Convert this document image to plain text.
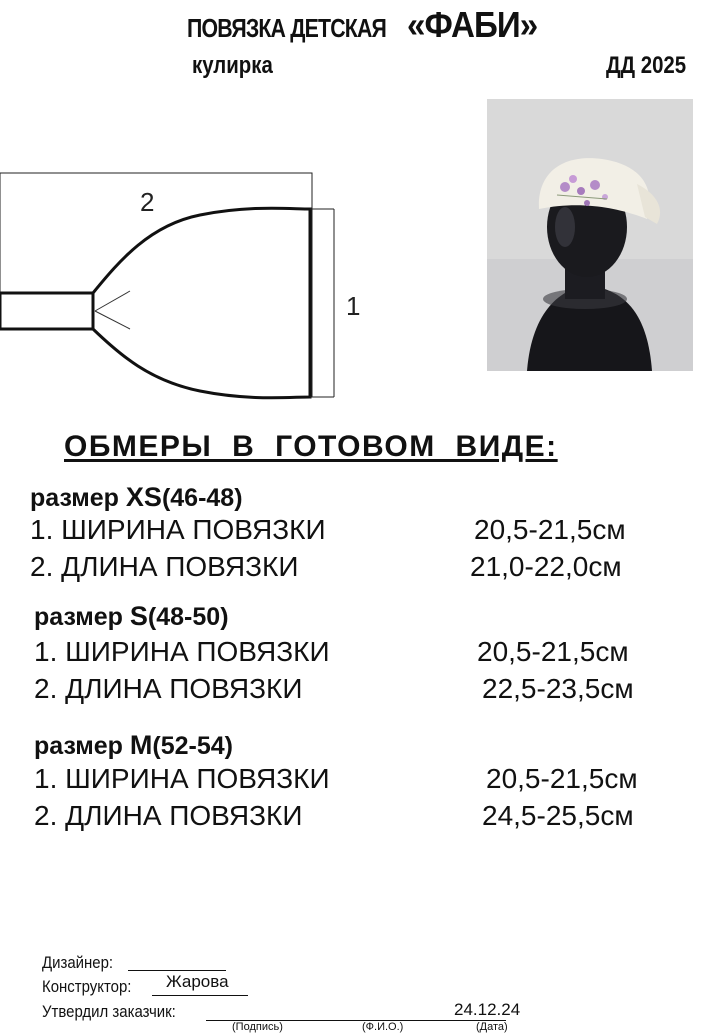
ПОВЯЗКА ДЕТСКАЯ «ФАБИ»
кулирка	ДД 2025
2
1
ОБМЕРЫ В ГОТОВОМ ВИДЕ:
размер XS(46-48)
1. ШИРИНА ПОВЯЗКИ	20,5-21,5см
2. ДЛИНА ПОВЯЗКИ	21,0-22,0см
размер S(48-50)
1. ШИРИНА ПОВЯЗКИ	20,5-21,5см
2. ДЛИНА ПОВЯЗКИ	22,5-23,5см
размер M(52-54)
1. ШИРИНА ПОВЯЗКИ	20,5-21,5см
2. ДЛИНА ПОВЯЗКИ	24,5-25,5см
Дизайнер:
Конструктор:	Жарова
Утвердил заказчик:	24.12.24
(Подпись)	(Ф.И.О.)	(Дата)
